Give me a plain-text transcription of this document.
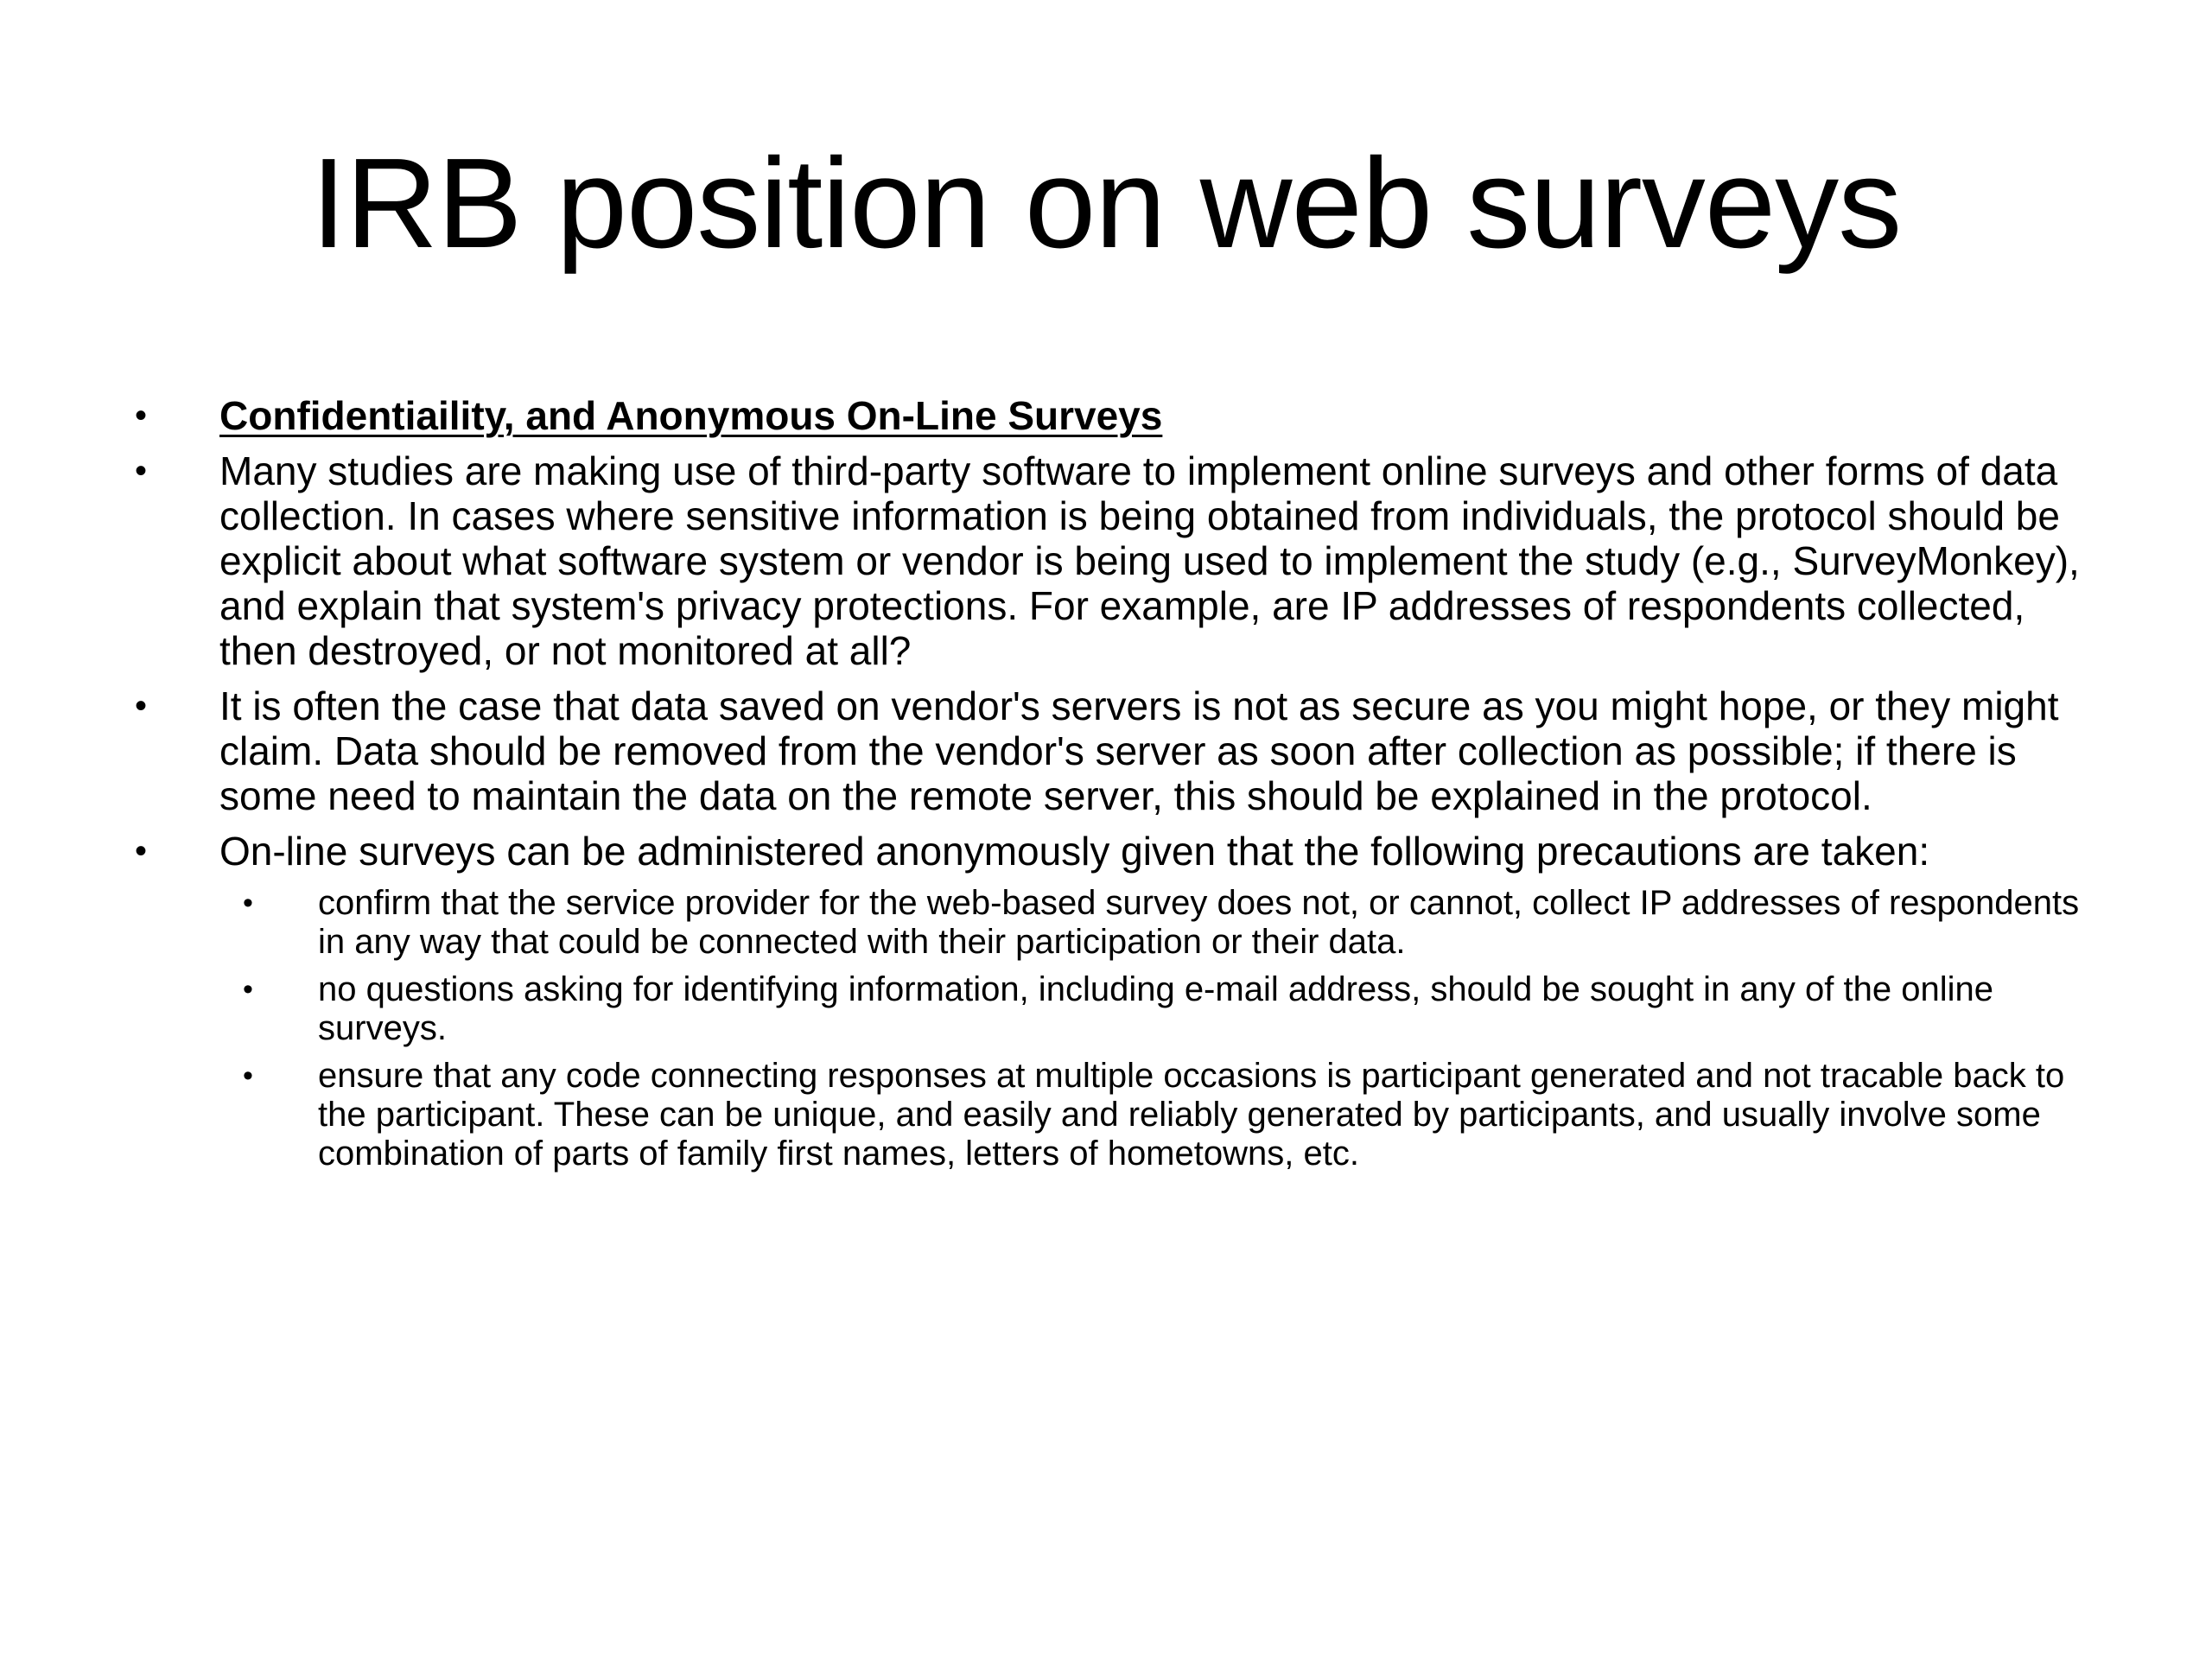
IRB position on web surveys
• Confidentiaility, and Anonymous On-Line Surveys
• Many studies are making use of third-party software to implement online surveys and other forms of data collection. In cases where sensitive information is being obtained from individuals, the protocol should be explicit about what software system or vendor is being used to implement the study (e.g., SurveyMonkey), and explain that system's privacy protections. For example, are IP addresses of respondents collected, then destroyed, or not monitored at all?
• It is often the case that data saved on vendor's servers is not as secure as you might hope, or they might claim. Data should be removed from the vendor's server as soon after collection as possible; if there is some need to maintain the data on the remote server, this should be explained in the protocol.
• On-line surveys can be administered anonymously given that the following precautions are taken:
• confirm that the service provider for the web-based survey does not, or cannot, collect IP addresses of respondents in any way that could be connected with their participation or their data.
• no questions asking for identifying information, including e-mail address, should be sought in any of the online surveys.
• ensure that any code connecting responses at multiple occasions is participant generated and not tracable back to the participant. These can be unique, and easily and reliably generated by participants, and usually involve some combination of parts of family first names, letters of hometowns, etc.
